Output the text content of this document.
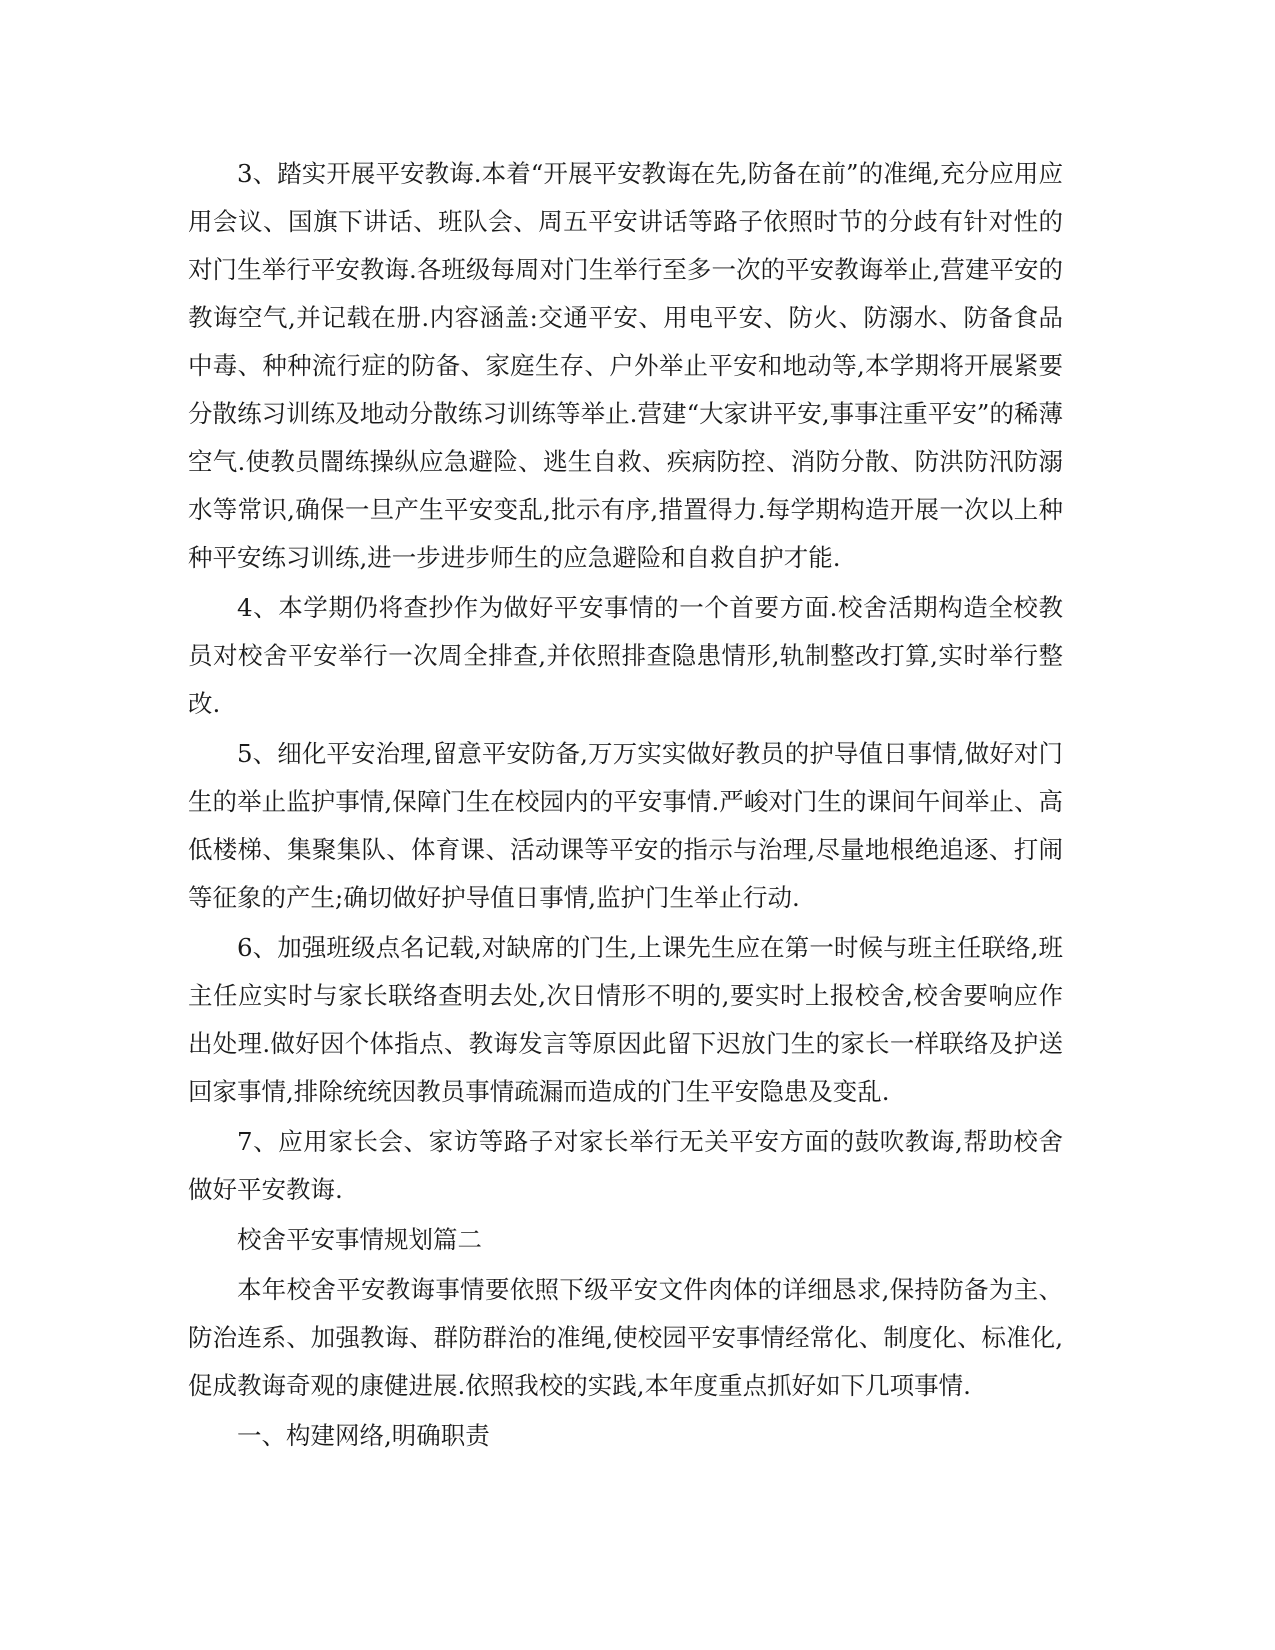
3、踏实开展平安教诲.本着“开展平安教诲在先,防备在前”的准绳,充分应用应用会议、国旗下讲话、班队会、周五平安讲话等路子依照时节的分歧有针对性的对门生举行平安教诲.各班级每周对门生举行至多一次的平安教诲举止,营建平安的教诲空气,并记载在册.内容涵盖:交通平安、用电平安、防火、防溺水、防备食品中毒、种种流行症的防备、家庭生存、户外举止平安和地动等,本学期将开展紧要分散练习训练及地动分散练习训练等举止.营建“大家讲平安,事事注重平安”的稀薄空气.使教员闇练操纵应急避险、逃生自救、疾病防控、消防分散、防洪防汛防溺水等常识,确保一旦产生平安变乱,批示有序,措置得力.每学期构造开展一次以上种种平安练习训练,进一步进步师生的应急避险和自救自护才能.

4、本学期仍将查抄作为做好平安事情的一个首要方面.校舍活期构造全校教员对校舍平安举行一次周全排查,并依照排查隐患情形,轨制整改打算,实时举行整改.

5、细化平安治理,留意平安防备,万万实实做好教员的护导值日事情,做好对门生的举止监护事情,保障门生在校园内的平安事情.严峻对门生的课间午间举止、高低楼梯、集聚集队、体育课、活动课等平安的指示与治理,尽量地根绝追逐、打闹等征象的产生;确切做好护导值日事情,监护门生举止行动.

6、加强班级点名记载,对缺席的门生,上课先生应在第一时候与班主任联络,班主任应实时与家长联络查明去处,次日情形不明的,要实时上报校舍,校舍要响应作出处理.做好因个体指点、教诲发言等原因此留下迟放门生的家长一样联络及护送回家事情,排除统统因教员事情疏漏而造成的门生平安隐患及变乱.

7、应用家长会、家访等路子对家长举行无关平安方面的鼓吹教诲,帮助校舍做好平安教诲.

校舍平安事情规划篇二

本年校舍平安教诲事情要依照下级平安文件肉体的详细恳求,保持防备为主、防治连系、加强教诲、群防群治的准绳,使校园平安事情经常化、制度化、标准化,促成教诲奇观的康健进展.依照我校的实践,本年度重点抓好如下几项事情.

一、构建网络,明确职责
